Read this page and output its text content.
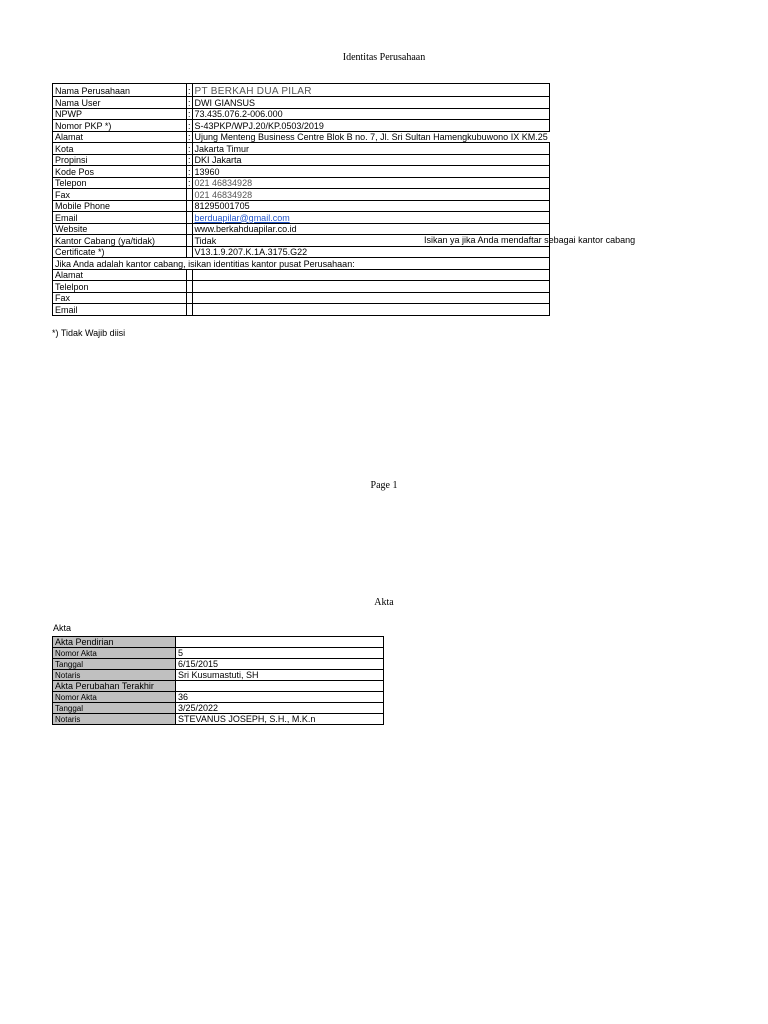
Identitas Perusahaan
Nama Perusahaan	:	PT BERKAH DUA PILAR
Nama User	:	DWI GIANSUS
NPWP	:	73.435.076.2-006.000
Nomor PKP *)	:	S-43PKP/WPJ.20/KP.0503/2019
Alamat	:	Ujung Menteng Business Centre Blok B no. 7, Jl. Sri Sultan Hamengkubuwono IX KM.25
Kota	:	Jakarta Timur
Propinsi	:	DKI Jakarta
Kode Pos	:	13960
Telepon	:	021 46834928
Fax		021 46834928
Mobile Phone		81295001705
Email		berduapilar@gmail.com
Website		www.berkahduapilar.co.id
Kantor Cabang (ya/tidak)		Tidak
Certificate *)		V13.1.9.207.K.1A.3175.G22
Jika Anda adalah kantor cabang, isikan identitias kantor pusat Perusahaan:		
Alamat		
Telelpon		
Fax		
Email		
Isikan ya jika Anda mendaftar sebagai kantor cabang
*) Tidak Wajib diisi
Page 1
Akta
Akta
Akta Pendirian	
Nomor Akta	5
Tanggal	6/15/2015
Notaris	Sri Kusumastuti, SH
Akta Perubahan Terakhir	
Nomor Akta	36
Tanggal	3/25/2022
Notaris	STEVANUS JOSEPH, S.H., M.K.n
